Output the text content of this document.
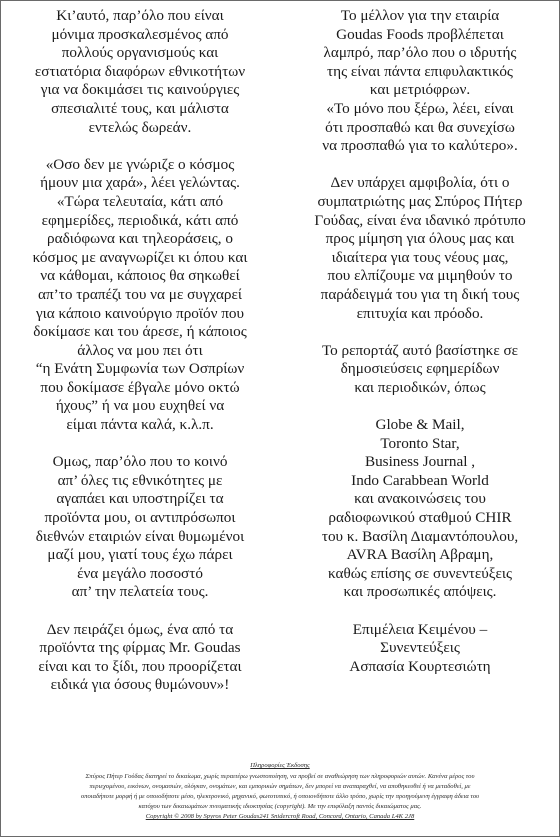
Κι’αυτό, παρ’όλο που είναι
μόνιμα προσκαλεσμένος από
πολλούς οργανισμούς και
εστιατόρια διαφόρων εθνικοτήτων
για να δοκιμάσει τις καινούργιες
σπεσιαλιτέ τους, και μάλιστα
εντελώς δωρεάν.

«Οσο δεν με γνώριζε ο κόσμος
ήμουν μια χαρά», λέει γελώντας.
«Τώρα τελευταία, κάτι από
εφημερίδες, περιοδικά, κάτι από
ραδιόφωνα και τηλεοράσεις, ο
κόσμος με αναγνωρίζει κι όπου και
να κάθομαι, κάποιος θα σηκωθεί
απ’το τραπέζι του να με συγχαρεί
για κάποιο καινούργιο προϊόν που
δοκίμασε και του άρεσε, ή κάποιος
άλλος να μου πει ότι
“η Ενάτη Συμφωνία των Οσπρίων
που δοκίμασε έβγαλε μόνο οκτώ
ήχους” ή να μου ευχηθεί να
είμαι πάντα καλά, κ.λ.π.

Ομως, παρ’όλο που το κοινό
απ’ όλες τις εθνικότητες με
αγαπάει και υποστηρίζει τα
προϊόντα μου, οι αντιπρόσωποι
διεθνών εταιριών είναι θυμωμένοι
μαζί μου, γιατί τους έχω πάρει
ένα μεγάλο ποσοστό
απ’ την πελατεία τους.

Δεν πειράζει όμως, ένα από τα
προϊόντα της φίρμας Mr. Goudas
είναι και το ξίδι, που προορίζεται
ειδικά για όσους θυμώνουν»!

Το μέλλον για την εταιρία
Goudas Foods προβλέπεται
λαμπρό, παρ’όλο που ο ιδρυτής
της είναι πάντα επιφυλακτικός
και μετριόφρων.
«Το μόνο που ξέρω, λέει, είναι
ότι προσπαθώ και θα συνεχίσω
να προσπαθώ για το καλύτερο».

Δεν υπάρχει αμφιβολία, ότι ο
συμπατριώτης μας Σπύρος Πήτερ
Γούδας, είναι ένα ιδανικό πρότυπο
προς μίμηση για όλους μας και
ιδιαίτερα για τους νέους μας,
που ελπίζουμε να μιμηθούν το
παράδειγμά του για τη δική τους
επιτυχία και πρόοδο.

Το ρεπορτάζ αυτό βασίστηκε σε
δημοσιεύσεις εφημερίδων
και περιοδικών, όπως

Globe & Mail,
Toronto Star,
Business Journal ,
Indo Carabbean World
και ανακοινώσεις του
ραδιοφωνικού σταθμού CHIR
του κ. Βασίλη Διαμαντόπουλου,
AVRA Βασίλη Αβραμη,
καθώς επίσης σε συνεντεύξεις
και προσωπικές απόψεις.

Επιμέλεια Κειμένου –
Συνεντεύξεις
Ασπασία Κουρτεσιώτη

Πληροφορίες Έκδοσης
Σπύρος Πήτερ Γούδας διατηρεί το δικαίωμα, χωρίς περαιτέρω γνωστοποίηση, να προβεί σε αναθεώρηση των πληροφοριών αυτών. Κανένα μέρος του
περιεχομένου, εικόνων, ονομασιών, σλόγκαν, ονομάτων, και εμπορικών σημάτων, δεν μπορεί να αναπαραχθεί, να αποθηκευθεί ή να μεταδοθεί, με
οποιαδήποτε μορφή ή με οποιοδήποτε μέσο, ηλεκτρονικό, μηχανικό, φωτοτυπικό, ή οποιονδήποτε άλλο τρόπο, χωρίς την προηγούμενη έγγραφη άδεια του
κατόχου των δικαιωμάτων πνευματικής ιδιοκτησίας (copyright). Με την επιφύλαξη παντός δικαιώματος μας.
Copyright © 2008 by Spyros Peter Goudas241 Snidercroft Road, Concord, Ontario, Canada L4K 2J8
